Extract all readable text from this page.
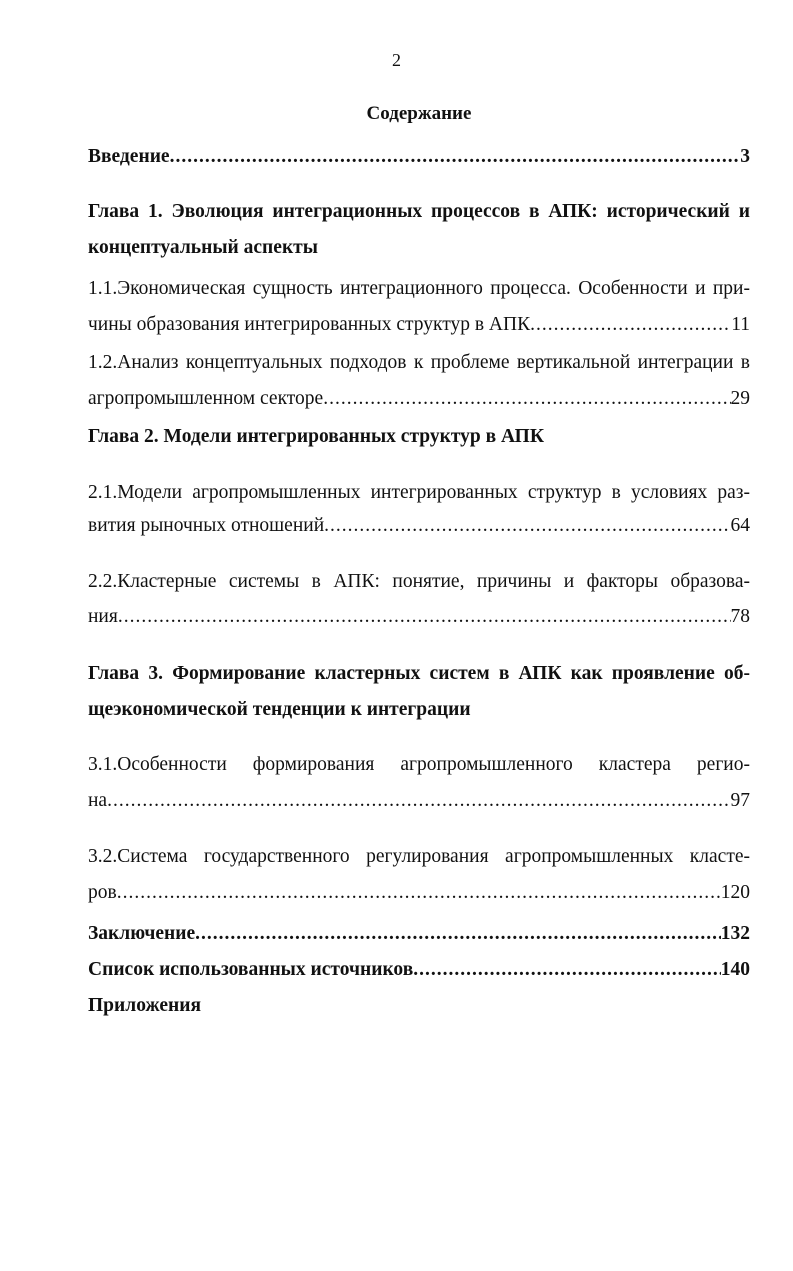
2
Содержание
Введение .....	3
Глава 1. Эволюция интеграционных процессов в АПК: исторический и
концептуальный аспекты
1.1.Экономическая сущность интеграционного процесса. Особенности и при-
чины образования интегрированных структур в АПК .....	11
1.2.Анализ концептуальных подходов к проблеме вертикальной интеграции в
агропромышленном секторе .....	29
Глава 2. Модели интегрированных структур в АПК
2.1.Модели агропромышленных интегрированных структур в условиях раз-
вития рыночных отношений .....	64
2.2.Кластерные системы в АПК: понятие, причины и факторы образова-
ния .....	78
Глава 3. Формирование кластерных систем в АПК как проявление об-
щеэкономической тенденции к интеграции
3.1.Особенности формирования агропромышленного кластера регио-
на .....	97
3.2.Система государственного регулирования агропромышленных класте-
ров .....	120
Заключение .....	132
Список использованных источников .....	140
Приложения
